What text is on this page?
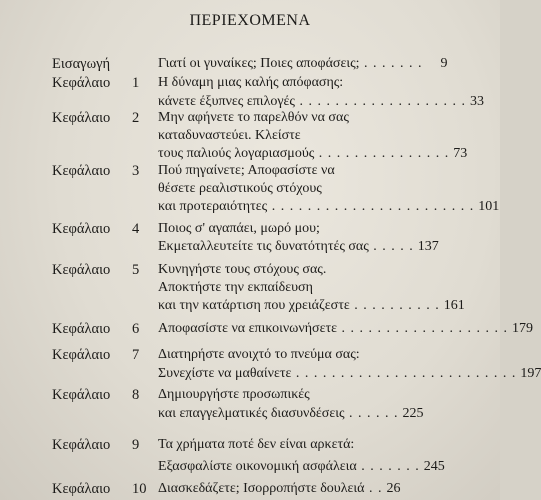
ΠΕΡΙΕΧΟΜΕΝΑ
Εισαγωγή	Γιατί οι γυναίκες; Ποιες αποφάσεις; . . . . . . . 9
Κεφάλαιο 1 Η δύναμη μιας καλής απόφασης:
κάνετε έξυπνες επιλογές . . . . . . . . . . . . . . . . . . . 33
Κεφάλαιο 2 Μην αφήνετε το παρελθόν να σας
καταδυναστεύει. Κλείστε
τους παλιούς λογαριασμούς . . . . . . . . . . . . . . . 73
Κεφάλαιο 3 Πού πηγαίνετε; Αποφασίστε να
θέσετε ρεαλιστικούς στόχους
και προτεραιότητες . . . . . . . . . . . . . . . . . . . . . . . 101
Κεφάλαιο 4 Ποιος σ' αγαπάει, μωρό μου;
Εκμεταλλευτείτε τις δυνατότητές σας . . . . . 137
Κεφάλαιο 5 Κυνηγήστε τους στόχους σας.
Αποκτήστε την εκπαίδευση
και την κατάρτιση που χρειάζεστε . . . . . . . . . . 161
Κεφάλαιο 6 Αποφασίστε να επικοινωνήσετε . . . . . . . . . . . . . . . . . . . 179
Κεφάλαιο 7 Διατηρήστε ανοιχτό το πνεύμα σας:
Συνεχίστε να μαθαίνετε . . . . . . . . . . . . . . . . . . . . . . . . . 197
Κεφάλαιο 8 Δημιουργήστε προσωπικές
και επαγγελματικές διασυνδέσεις . . . . . . 225
Κεφάλαιο 9 Τα χρήματα ποτέ δεν είναι αρκετά:
Εξασφαλίστε οικονομική ασφάλεια . . . . . . . 245
Κεφάλαιο 10 Διασκεδάζετε; Ισορροπήστε δουλειά . . 26
